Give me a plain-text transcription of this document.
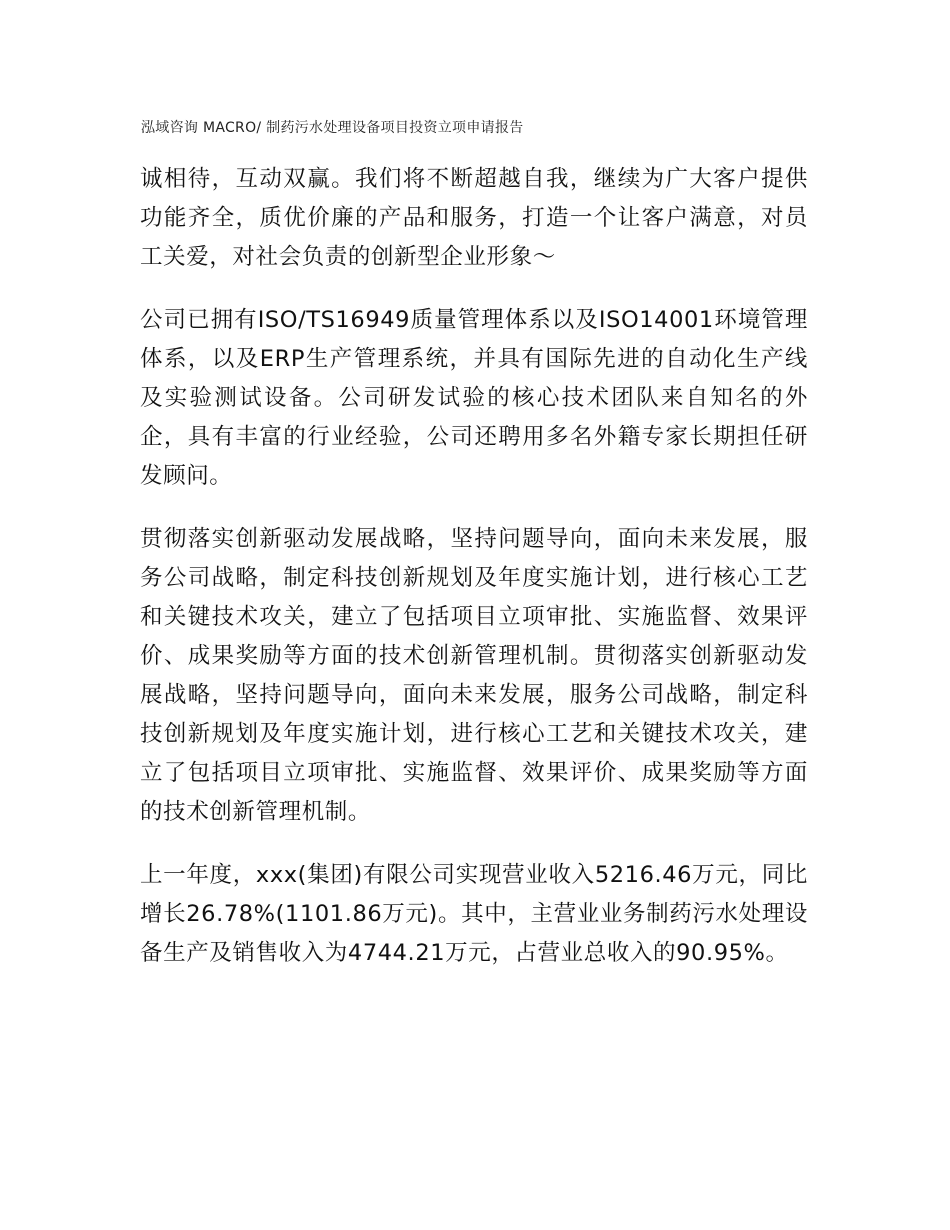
泓域咨询 MACRO/ 制药污水处理设备项目投资立项申请报告

诚相待，互动双赢。我们将不断超越自我，继续为广大客户提供功能齐全，质优价廉的产品和服务，打造一个让客户满意，对员工关爱，对社会负责的创新型企业形象～

公司已拥有ISO/TS16949质量管理体系以及ISO14001环境管理体系，以及ERP生产管理系统，并具有国际先进的自动化生产线及实验测试设备。公司研发试验的核心技术团队来自知名的外企，具有丰富的行业经验，公司还聘用多名外籍专家长期担任研发顾问。

贯彻落实创新驱动发展战略，坚持问题导向，面向未来发展，服务公司战略，制定科技创新规划及年度实施计划，进行核心工艺和关键技术攻关，建立了包括项目立项审批、实施监督、效果评价、成果奖励等方面的技术创新管理机制。贯彻落实创新驱动发展战略，坚持问题导向，面向未来发展，服务公司战略，制定科技创新规划及年度实施计划，进行核心工艺和关键技术攻关，建立了包括项目立项审批、实施监督、效果评价、成果奖励等方面的技术创新管理机制。

上一年度，xxx(集团)有限公司实现营业收入5216.46万元，同比增长26.78%(1101.86万元)。其中，主营业业务制药污水处理设备生产及销售收入为4744.21万元，占营业总收入的90.95%。
